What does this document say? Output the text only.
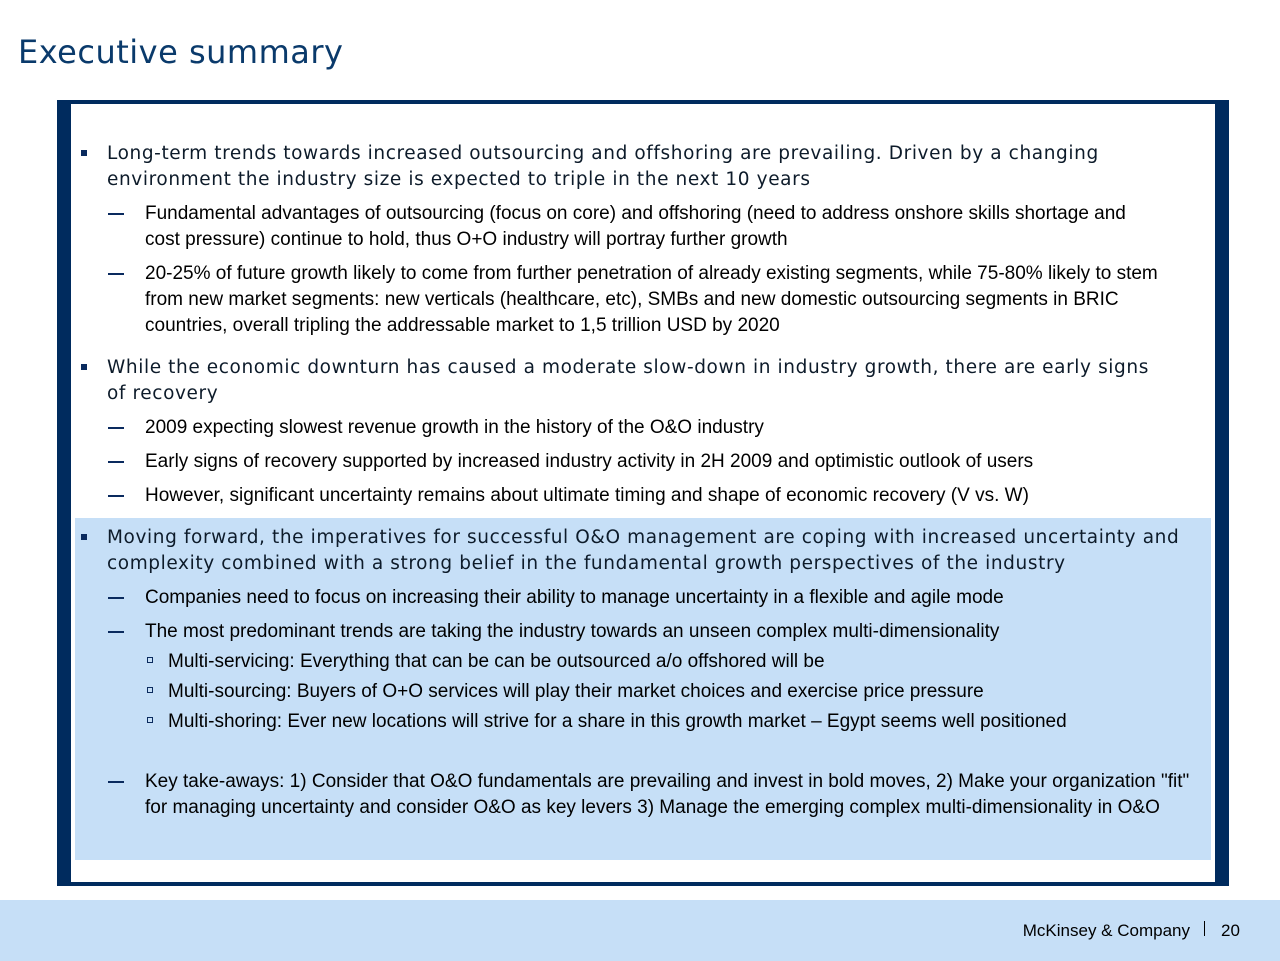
Executive summary
Long-term trends towards increased outsourcing and offshoring are prevailing. Driven by a changing environment the industry size is expected to triple in the next 10 years
Fundamental advantages of outsourcing (focus on core) and offshoring (need to address onshore skills shortage and cost pressure) continue to hold, thus O+O industry will portray further growth
20-25% of future growth likely to come from further penetration of already existing segments, while 75-80% likely to stem from new market segments: new verticals (healthcare, etc), SMBs and new domestic outsourcing segments in BRIC countries, overall tripling the addressable market to 1,5 trillion USD by 2020
While the economic downturn has caused a moderate slow-down in industry growth, there are early signs of recovery
2009 expecting slowest revenue growth in the history of the O&O industry
Early signs of recovery supported by increased industry activity in 2H 2009 and optimistic outlook of users
However, significant uncertainty remains about ultimate timing and shape of economic recovery (V vs. W)
Moving forward, the imperatives for successful O&O management are coping with increased uncertainty and complexity combined with a strong belief in the fundamental growth perspectives of the industry
Companies need to focus on increasing their ability to manage uncertainty in a flexible and agile mode
The most predominant trends are taking the industry towards an unseen complex multi-dimensionality
Multi-servicing: Everything that can be can be outsourced a/o offshored will be
Multi-sourcing: Buyers of O+O services will play their market choices and exercise price pressure
Multi-shoring: Ever new locations will strive for a share in this growth market – Egypt seems well positioned
Key take-aways: 1) Consider that O&O fundamentals are prevailing and invest in bold moves, 2) Make your organization "fit" for managing uncertainty and consider O&O as key levers 3) Manage the emerging complex multi-dimensionality in O&O
McKinsey & Company 20
